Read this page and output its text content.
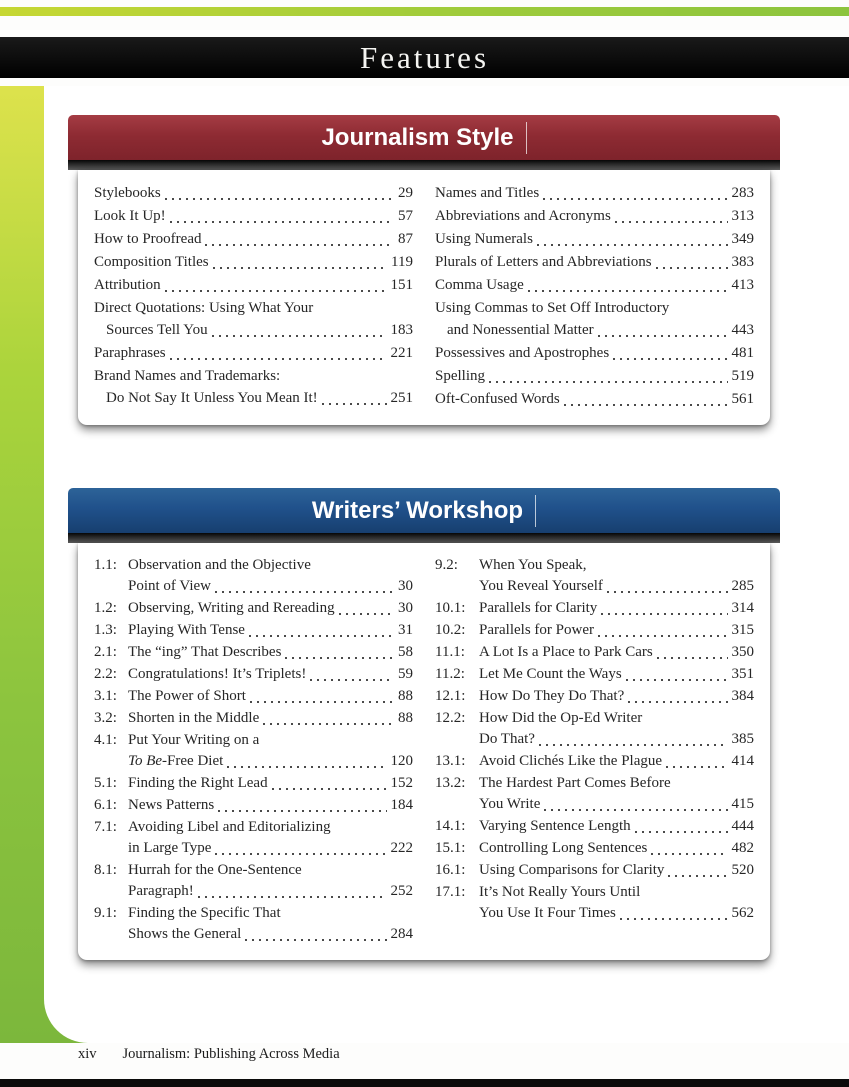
Features
Journalism Style
Stylebooks	29
Look It Up!	57
How to Proofread	87
Composition Titles	119
Attribution	151
Direct Quotations: Using What Your
Sources Tell You	183
Paraphrases	221
Brand Names and Trademarks:
Do Not Say It Unless You Mean It!	251
Names and Titles	283
Abbreviations and Acronyms	313
Using Numerals	349
Plurals of Letters and Abbreviations	383
Comma Usage	413
Using Commas to Set Off Introductory
and Nonessential Matter	443
Possessives and Apostrophes	481
Spelling	519
Oft-Confused Words	561
Writers’ Workshop
1.1: Observation and the Objective
Point of View	30
1.2: Observing, Writing and Rereading	30
1.3: Playing With Tense	31
2.1: The “ing” That Describes	58
2.2: Congratulations! It’s Triplets!	59
3.1: The Power of Short	88
3.2: Shorten in the Middle	88
4.1: Put Your Writing on a
To Be -Free Diet	120
5.1: Finding the Right Lead	152
6.1: News Patterns	184
7.1: Avoiding Libel and Editorializing
in Large Type	222
8.1: Hurrah for the One-Sentence
Paragraph!	252
9.1: Finding the Specific That
Shows the General	284
9.2:	When You Speak,
You Reveal Yourself	285
10.1: Parallels for Clarity	314
10.2: Parallels for Power	315
11.1: A Lot Is a Place to Park Cars	350
11.2: Let Me Count the Ways	351
12.1: How Do They Do That?	384
12.2: How Did the Op-Ed Writer
Do That?	385
13.1: Avoid Clichés Like the Plague	414
13.2: The Hardest Part Comes Before
You Write	415
14.1: Varying Sentence Length	444
15.1: Controlling Long Sentences	482
16.1: Using Comparisons for Clarity	520
17.1: It’s Not Really Yours Until
You Use It Four Times	562
xiv Journalism: Publishing Across Media
